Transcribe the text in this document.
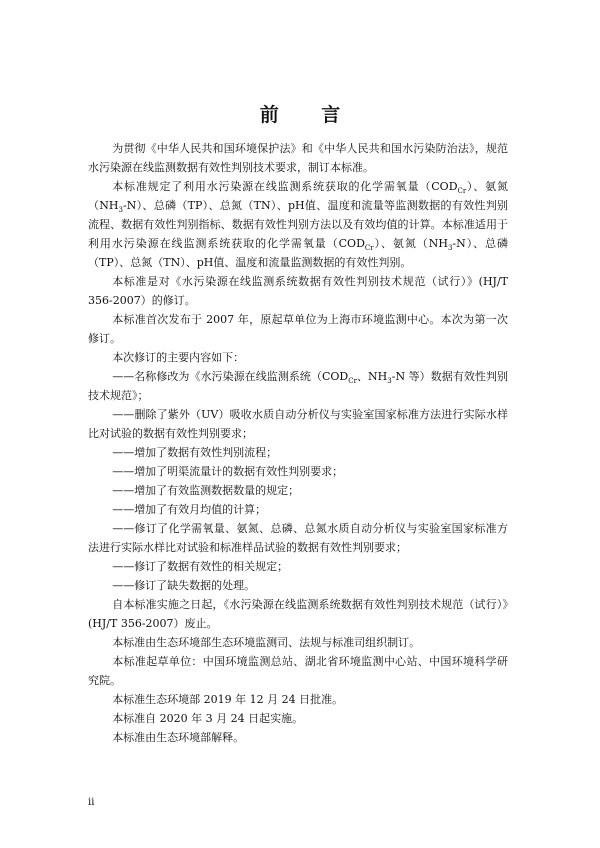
前 言

为贯彻《中华人民共和国环境保护法》和《中华人民共和国水污染防治法》，规范水污染源在线监测数据有效性判别技术要求，制订本标准。

本标准规定了利用水污染源在线监测系统获取的化学需氧量$(COD_{Cr})$、氨氮$(NH_3-N)$、总磷（TP）、总氮（TN）、pH值、温度和流量等监测数据的有效性判别流程、数据有效性判别指标、数据有效性判别方法以及有效均值的计算。本标准适用于利用水污染源在线监测系统获取的化学需氧量$(COD_{Cr})$、氨氮$(NH_3-N)$、总磷（TP）、总氮（TN）、pH值、温度和流量监测数据的有效性判别。

本标准是对《水污染源在线监测系统数据有效性判别技术规范（试行）》(HJ/T 356-2007）的修订。

本标准首次发布于 2007 年，原起草单位为上海市环境监测中心。本次为第一次修订。

本次修订的主要内容如下：

——名称修改为《水污染源在线监测系统（$COD_{Cr}$、$NH_3-N$ 等）数据有效性判别技术规范》；

——删除了紫外（UV）吸收水质自动分析仪与实验室国家标准方法进行实际水样比对试验的数据有效性判别要求；

——增加了数据有效性判别流程；

——增加了明渠流量计的数据有效性判别要求；

——增加了有效监测数据数量的规定；

——增加了有效月均值的计算；

——修订了化学需氧量、氨氮、总磷、总氮水质自动分析仪与实验室国家标准方法进行实际水样比对试验和标准样品试验的数据有效性判别要求；

——修订了数据有效性的相关规定；

——修订了缺失数据的处理。

自本标准实施之日起，《水污染源在线监测系统数据有效性判别技术规范（试行）》(HJ/T 356-2007）废止。

本标准由生态环境部生态环境监测司、法规与标准司组织制订。

本标准起草单位：中国环境监测总站、湖北省环境监测中心站、中国环境科学研究院。

本标准生态环境部 2019 年 12 月 24 日批准。

本标准自 2020 年 3 月 24 日起实施。

本标准由生态环境部解释。

ii
